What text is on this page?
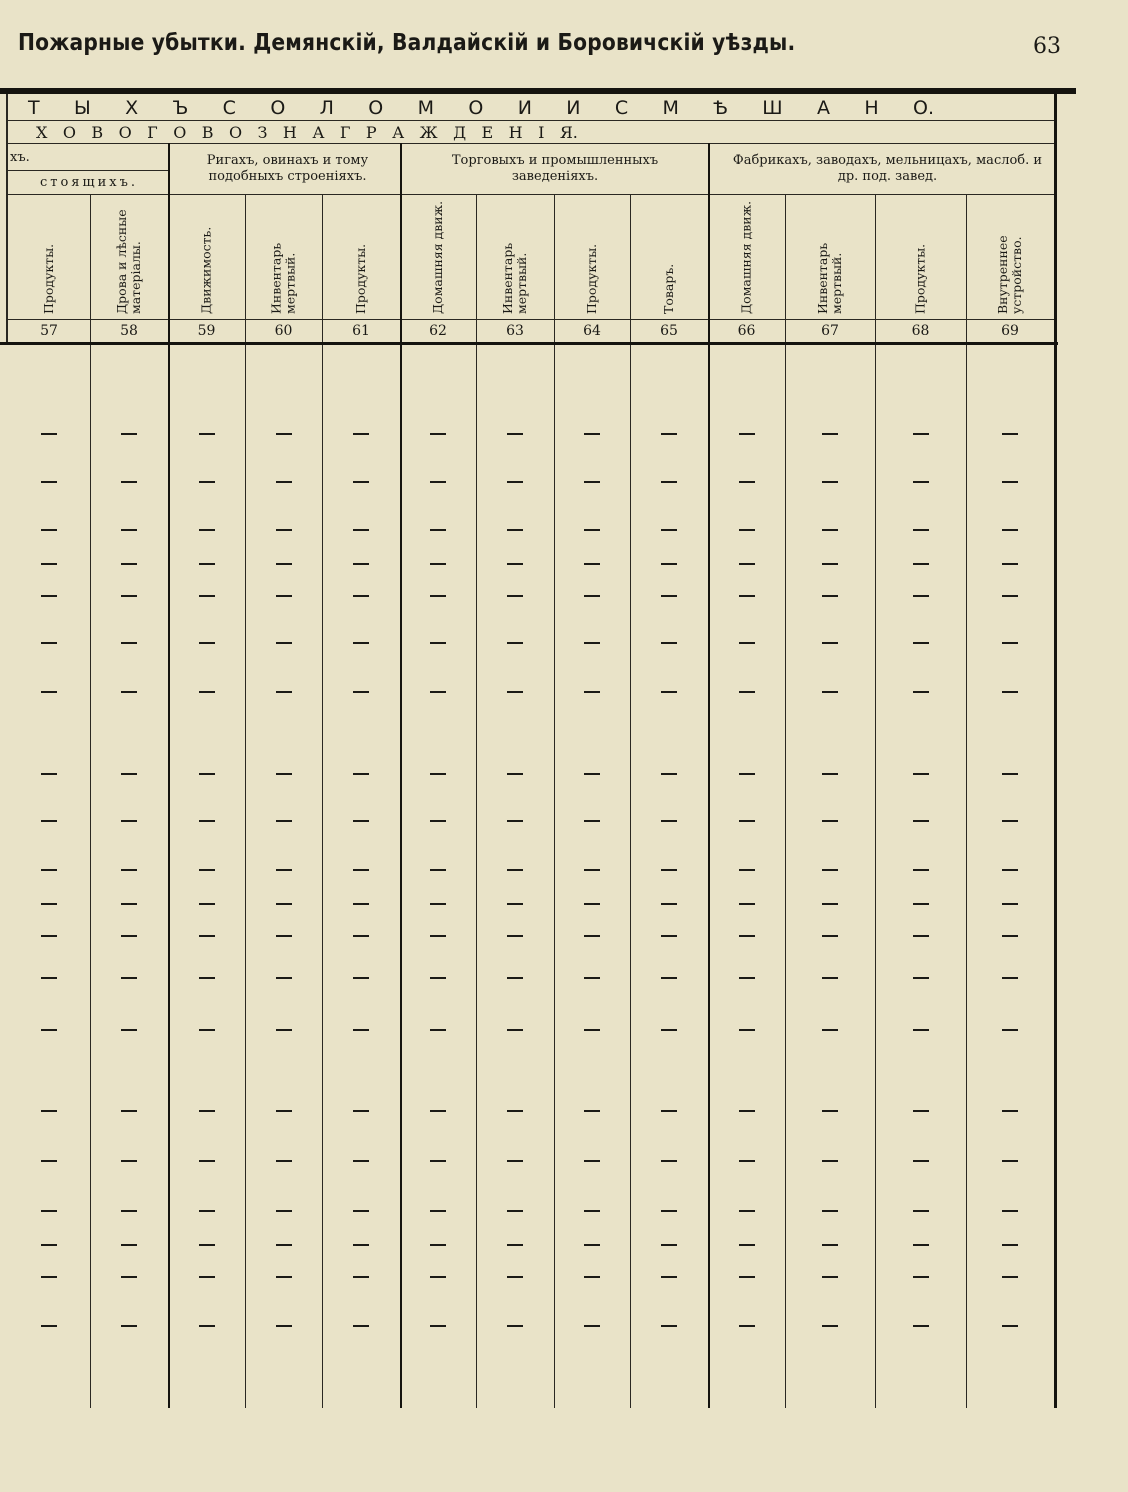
Пожарные убытки. Демянскій, Валдайскій и Боровичскій уѣзды.	63
Т Ы Х Ъ С О Л О М О И И С М Ѣ Ш А Н О.
Х О В О Г О В О З Н А Г Р А Ж Д Е Н І Я.
хъ.
стоящихъ.
Ригахъ, овинахъ и тому подобныхъ строеніяхъ.
Торговыхъ и промышленныхъ заведеніяхъ.
Фабрикахъ, заводахъ, мельницахъ, маслоб. и др. под. завед.
Продукты.
57
Дрова и лѣсные
матеріалы.
58
Движимость.
59
Инвентарь
мертвый.
60
Продукты.
61
Домашняя движ.
62
Инвентарь
мертвый.
63
Продукты.
64
Товаръ.
65
Домашняя движ.
66
Инвентарь
мертвый.
67
Продукты.
68
Внутреннее
устройство.
69
